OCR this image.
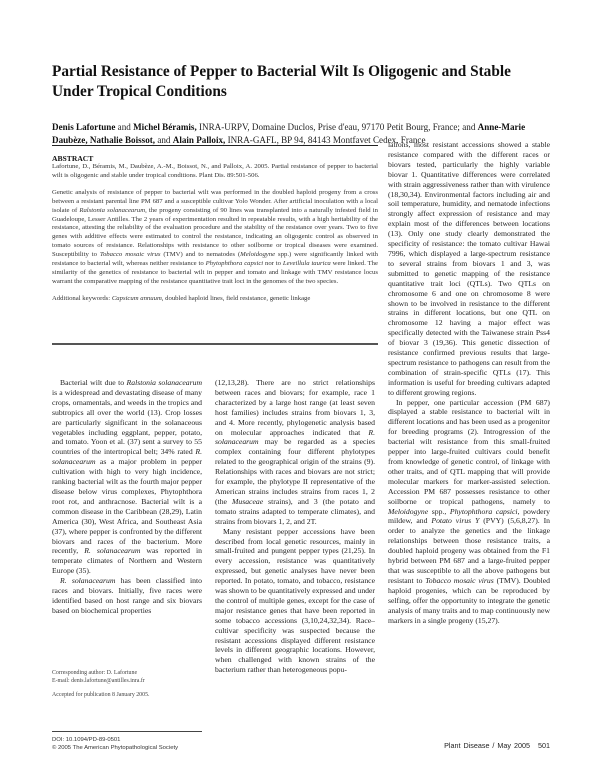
Partial Resistance of Pepper to Bacterial Wilt Is Oligogenic and Stable Under Tropical Conditions
Denis Lafortune and Michel Béramis, INRA-URPV, Domaine Duclos, Prise d'eau, 97170 Petit Bourg, France; and Anne-Marie Daubèze, Nathalie Boissot, and Alain Palloix, INRA-GAFL, BP 94, 84143 Montfavet Cedex, France
ABSTRACT

Lafortune, D., Béramis, M., Daubèze, A.-M., Boissot, N., and Palloix, A. 2005. Partial resistance of pepper to bacterial wilt is oligogenic and stable under tropical conditions. Plant Dis. 89:501-506.

Genetic analysis of resistance of pepper to bacterial wilt was performed in the doubled haploid progeny from a cross between a resistant parental line PM 687 and a susceptible cultivar Yolo Wonder. After artificial inoculation with a local isolate of Ralstonia solanacearum, the progeny consisting of 90 lines was transplanted into a naturally infested field in Guadeloupe, Lesser Antilles. The 2 years of experimentation resulted in repeatable results, with a high heritability of the resistance, attesting the reliability of the evaluation procedure and the stability of the resistance over years. Two to five genes with additive effects were estimated to control the resistance, indicating an oligogenic control as observed in tomato sources of resistance. Relationships with resistance to other soilborne or tropical diseases were examined. Susceptibility to Tobacco mosaic virus (TMV) and to nematodes (Meloidogyne spp.) were significantly linked with resistance to bacterial wilt, whereas neither resistance to Phytophthora capsici nor to Leveillula taurica were linked. The similarity of the genetics of resistance to bacterial wilt in pepper and tomato and linkage with TMV resistance locus warrant the comparative mapping of the resistance quantitative trait loci in the genomes of the two species.

Additional keywords: Capsicum annuum, doubled haploid lines, field resistance, genetic linkage

Bacterial wilt due to Ralstonia solanacearum is a widespread and devastating disease of many crops, ornamentals, and weeds in the tropics and subtropics all over the world (13). Crop losses are particularly significant in the solanaceous vegetables including eggplant, pepper, potato, and tomato. Yoon et al. (37) sent a survey to 55 countries of the intertropical belt; 34% rated R. solanacearum as a major problem in pepper cultivation with high to very high incidence, ranking bacterial wilt as the fourth major pepper disease below virus complexes, Phytophthora root rot, and anthracnose. Bacterial wilt is a common disease in the Caribbean (28,29), Latin America (30), West Africa, and Southeast Asia (37), where pepper is confronted by the different biovars and races of the bacterium. More recently, R. solanacearum was reported in temperate climates of Northern and Western Europe (35).

R. solanacearum has been classified into races and biovars. Initially, five races were identified based on host range and six biovars based on biochemical properties

(12,13,28). There are no strict relationships between races and biovars; for example, race 1 characterized by a large host range (at least seven host families) includes strains from biovars 1, 3, and 4. More recently, phylogenetic analysis based on molecular approaches indicated that R. solanacearum may be regarded as a species complex containing four different phylotypes related to the geographical origin of the strains (9). Relationships with races and biovars are not strict; for example, the phylotype II representative of the American strains includes strains from races 1, 2 (the Musaceae strains), and 3 (the potato and tomato strains adapted to temperate climates), and strains from biovars 1, 2, and 2T.

Many resistant pepper accessions have been described from local genetic resources, mainly in small-fruited and pungent pepper types (21,25). In every accession, resistance was quantitatively expressed, but genetic analyses have never been reported. In potato, tomato, and tobacco, resistance was shown to be quantitatively expressed and under the control of multiple genes, except for the case of major resistance genes that have been reported in some tobacco accessions (3,10,24,32,34). Race–cultivar specificity was suspected because the resistant accessions displayed different resistance levels in different geographic locations. However, when challenged with known strains of the bacterium rather than heterogeneous popu-

lations, most resistant accessions showed a stable resistance compared with the different races or biovars tested, particularly the highly variable biovar 1. Quantitative differences were correlated with strain aggressiveness rather than with virulence (18,30,34). Environmental factors including air and soil temperature, humidity, and nematode infections strongly affect expression of resistance and may explain most of the differences between locations (13). Only one study clearly demonstrated the specificity of resistance: the tomato cultivar Hawai 7996, which displayed a large-spectrum resistance to several strains from biovars 1 and 3, was submitted to genetic mapping of the resistance quantitative trait loci (QTLs). Two QTLs on chromosome 6 and one on chromosome 8 were shown to be involved in resistance to the different strains in different locations, but one QTL on chromosome 12 having a major effect was specifically detected with the Taiwanese strain Pss4 of biovar 3 (19,36). This genetic dissection of resistance confirmed previous results that large-spectrum resistance to pathogens can result from the combination of strain-specific QTLs (17). This information is useful for breeding cultivars adapted to different growing regions.

In pepper, one particular accession (PM 687) displayed a stable resistance to bacterial wilt in different locations and has been used as a progenitor for breeding programs (2). Introgression of the bacterial wilt resistance from this small-fruited pepper into large-fruited cultivars could benefit from knowledge of genetic control, of linkage with other traits, and of QTL mapping that will provide molecular markers for marker-assisted selection. Accession PM 687 possesses resistance to other soilborne or tropical pathogens, namely to Meloidogyne spp., Phytophthora capsici, powdery mildew, and Potato virus Y (PVY) (5,6,8,27). In order to analyze the genetics and the linkage relationships between those resistance traits, a doubled haploid progeny was obtained from the F1 hybrid between PM 687 and a large-fruited pepper that was susceptible to all the above pathogens but resistant to Tobacco mosaic virus (TMV). Doubled haploid progenies, which can be reproduced by selfing, offer the opportunity to integrate the genetic analysis of many traits and to map continuously new markers in a single progeny (15,27).

Corresponding author: D. Lafortune
E-mail: denis.lafortune@antilles.inra.fr
Accepted for publication 8 January 2005.
DOI: 10.1094/PD-89-0501
© 2005 The American Phytopathological Society	Plant Disease / May 2005 501
